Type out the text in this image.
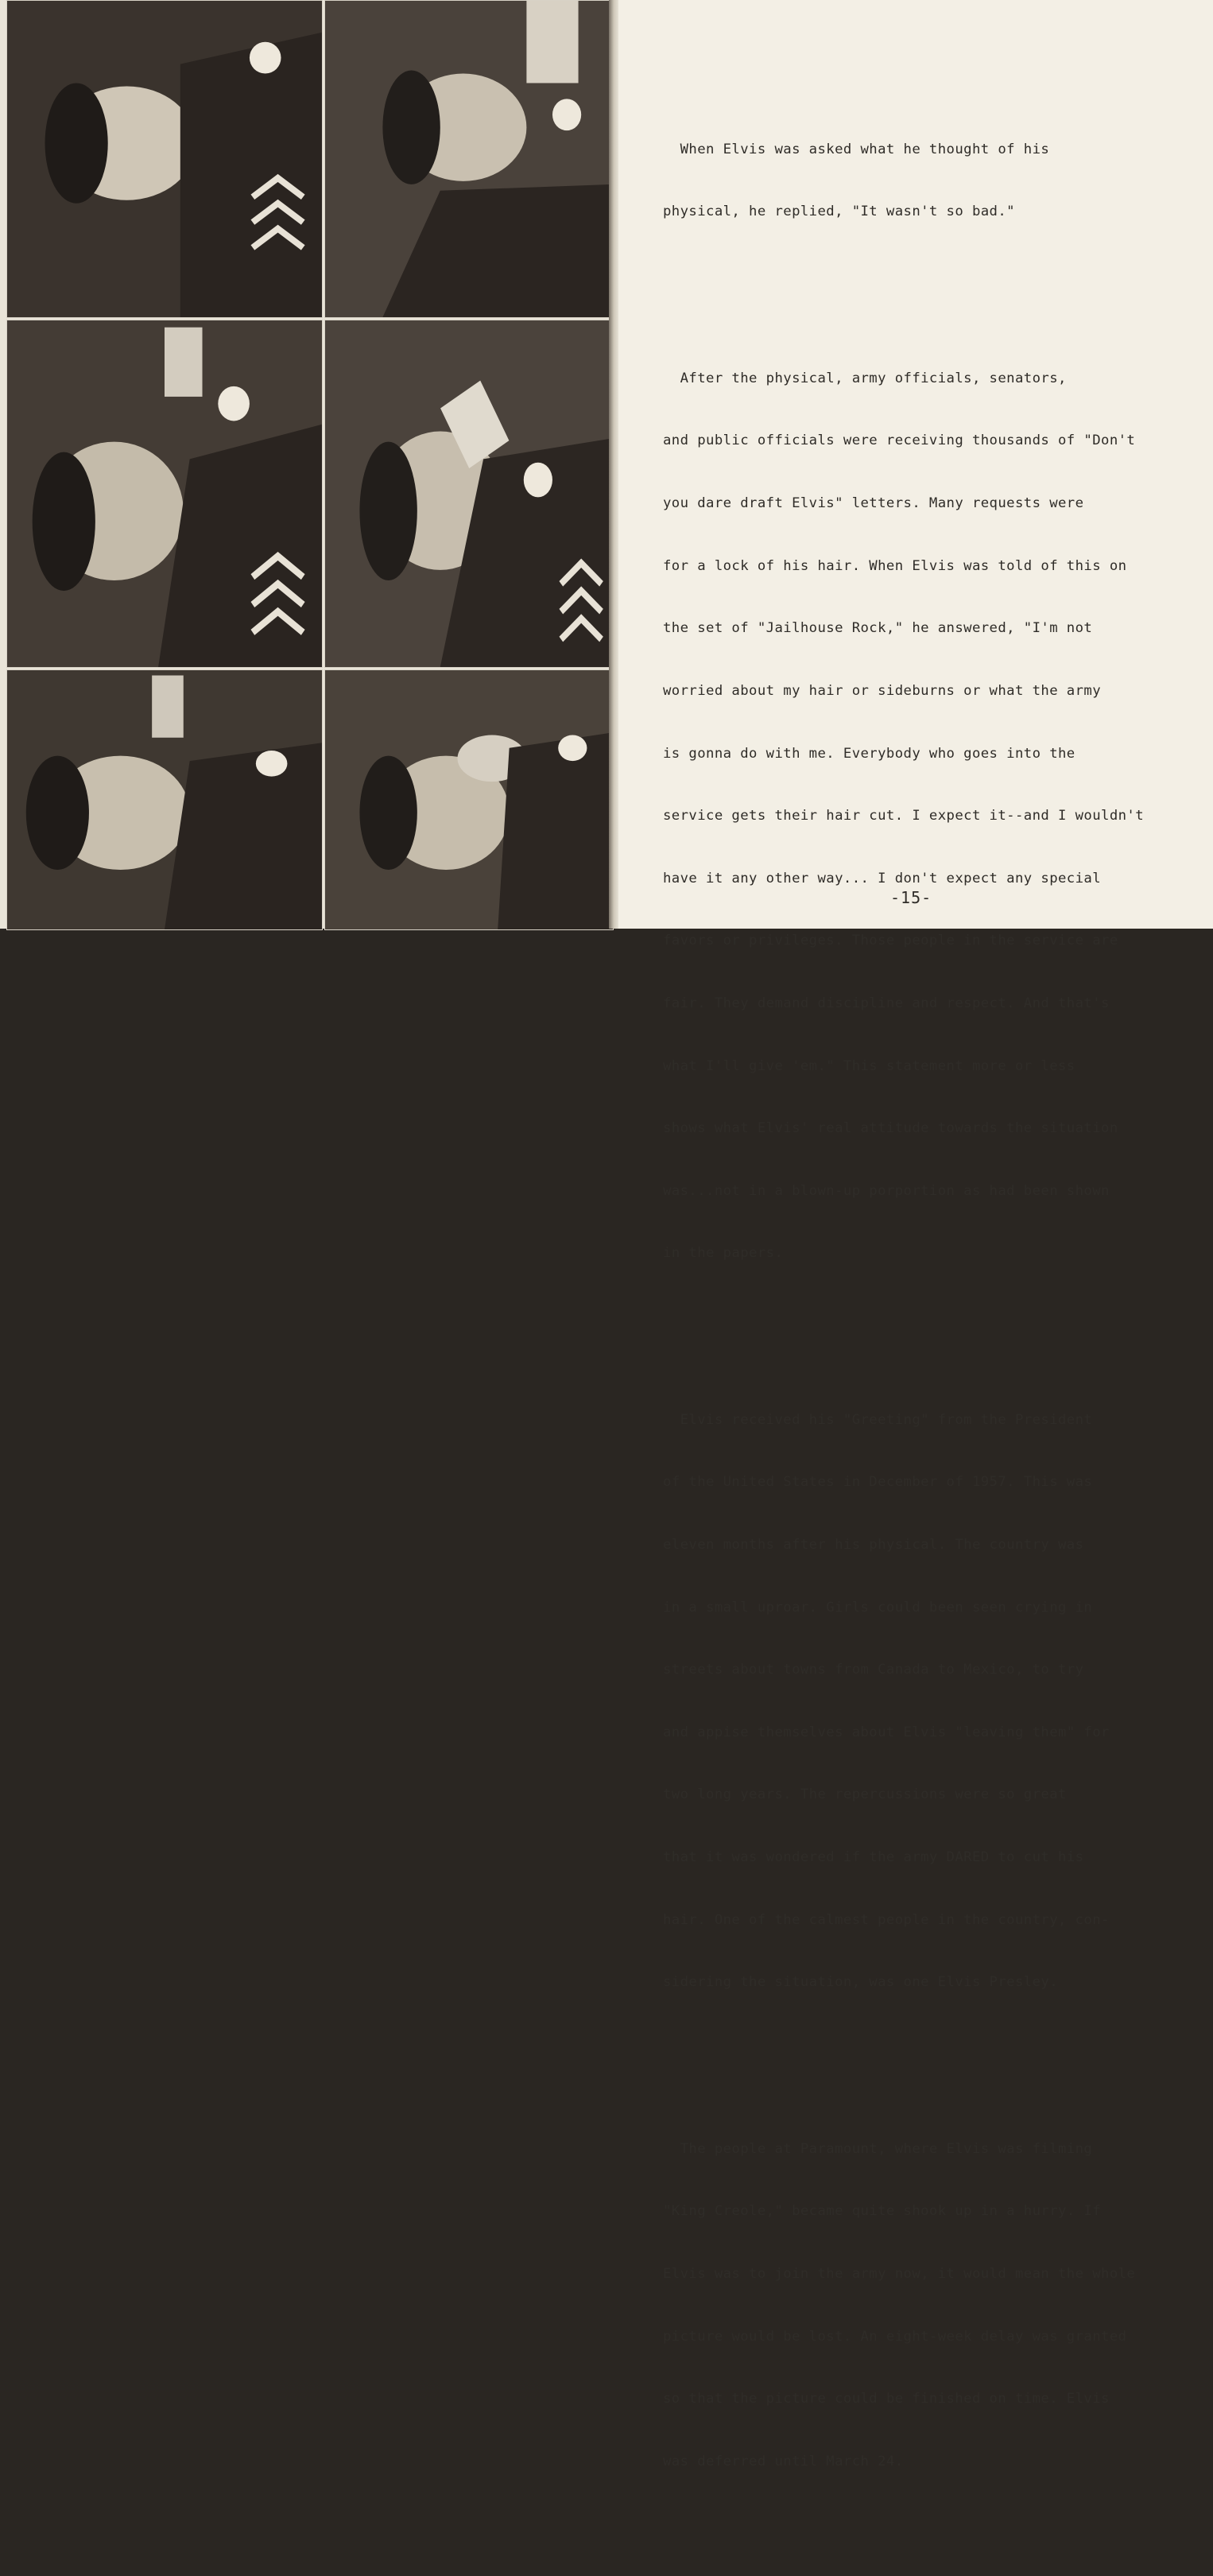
When Elvis was asked what he thought of his

physical, he replied, "It wasn't so bad."

After the physical, army officials, senators,

and public officials were receiving thousands of "Don't

you dare draft Elvis" letters. Many requests were

for a lock of his hair. When Elvis was told of this on

the set of "Jailhouse Rock," he answered, "I'm not

worried about my hair or sideburns or what the army

is gonna do with me. Everybody who goes into the

service gets their hair cut. I expect it--and I wouldn't

have it any other way... I don't expect any special

favors or privileges. Those people in the service are

fair. They demand discipline and respect. And that's

what I'll give 'em." This statement more or less

shows what Elvis' real attitude towards the situation

was...not in a blown-up porportion as had been shown

in the papers.

Elvis received his "Greeting" from the President

of the United States in December of 1957. This was

eleven months after his physical. The country was

in a small uproar. Girls could been seen crying in

streets about towns from Canada to Mexico, to try

and appise themselves about Elvis "leaving them" for

two long years. The repercussions were so great

that it was wondered if the army DARED to cut his

hair. One of the calmest people in the country, con-

sidering the situation, was one Elvis Presley.

The people at Paramount, where Elvis was filming

"King Creole," became quite shook up in a hurry. If

Elvis was to join the army now, it would mean the whole

picture would be lost. An eight-week delay was granted

so that the picture could be finished on time. Elvis

was deferred until March 24.

-15-
